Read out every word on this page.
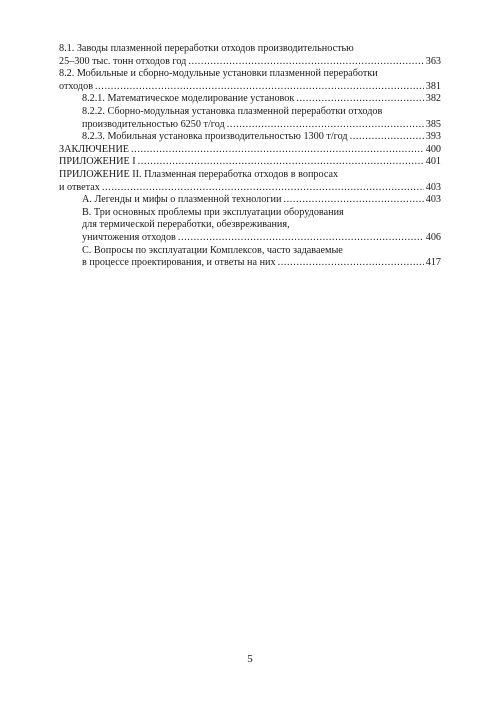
8.1. Заводы плазменной переработки отходов производительностью
25–300 тыс. тонн отходов год .....	363
8.2. Мобильные и сборно-модульные установки плазменной переработки
отходов .....	381
8.2.1. Математическое моделирование установок .....	382
8.2.2. Сборно-модульная установка плазменной переработки отходов
производительностью 6250 т/год .....	385
8.2.3. Мобильная установка производительностью 1300 т/год .....	393
ЗАКЛЮЧЕНИЕ .....	400
ПРИЛОЖЕНИЕ I .....	401
ПРИЛОЖЕНИЕ II. Плазменная переработка отходов в вопросах
и ответах .....	403
А. Легенды и мифы о плазменной технологии .....	403
В. Три основных проблемы при эксплуатации оборудования
для термической переработки, обезвреживания,
уничтожения отходов .....	406
С. Вопросы по эксплуатации Комплексов, часто задаваемые
в процессе проектирования, и ответы на них .....	417
5
